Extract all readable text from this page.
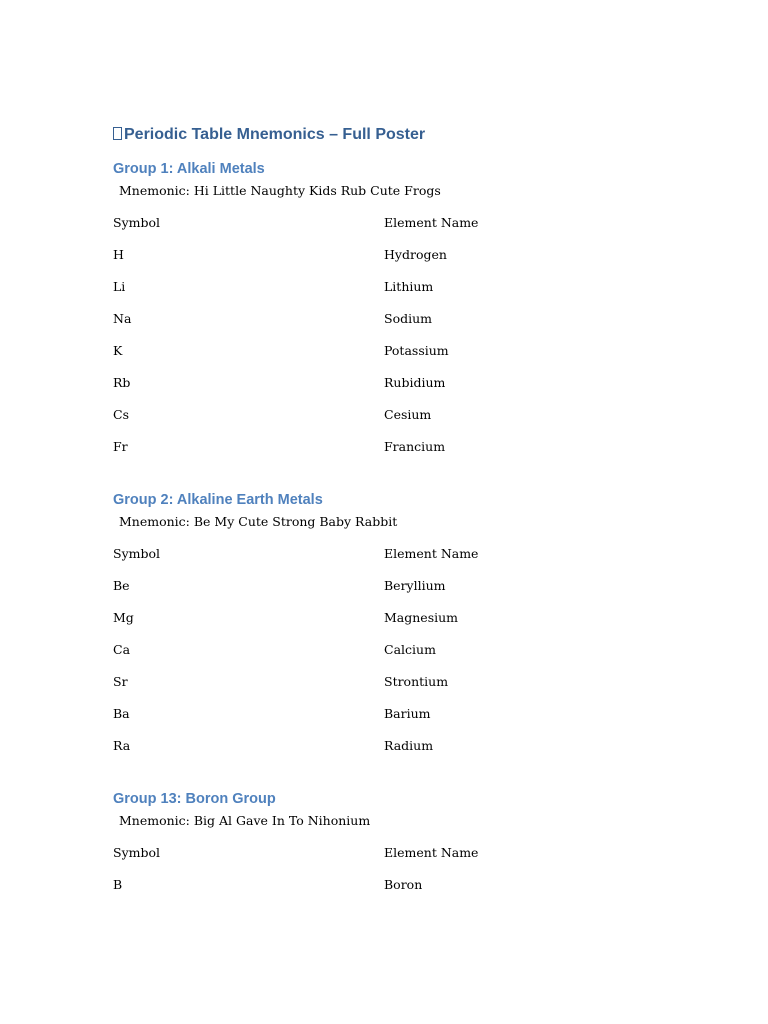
Periodic Table Mnemonics – Full Poster
Group 1: Alkali Metals
Mnemonic: Hi Little Naughty Kids Rub Cute Frogs
Symbol	Element Name
H	Hydrogen
Li	Lithium
Na	Sodium
K	Potassium
Rb	Rubidium
Cs	Cesium
Fr	Francium
Group 2: Alkaline Earth Metals
Mnemonic: Be My Cute Strong Baby Rabbit
Symbol	Element Name
Be	Beryllium
Mg	Magnesium
Ca	Calcium
Sr	Strontium
Ba	Barium
Ra	Radium
Group 13: Boron Group
Mnemonic: Big Al Gave In To Nihonium
Symbol	Element Name
B	Boron
